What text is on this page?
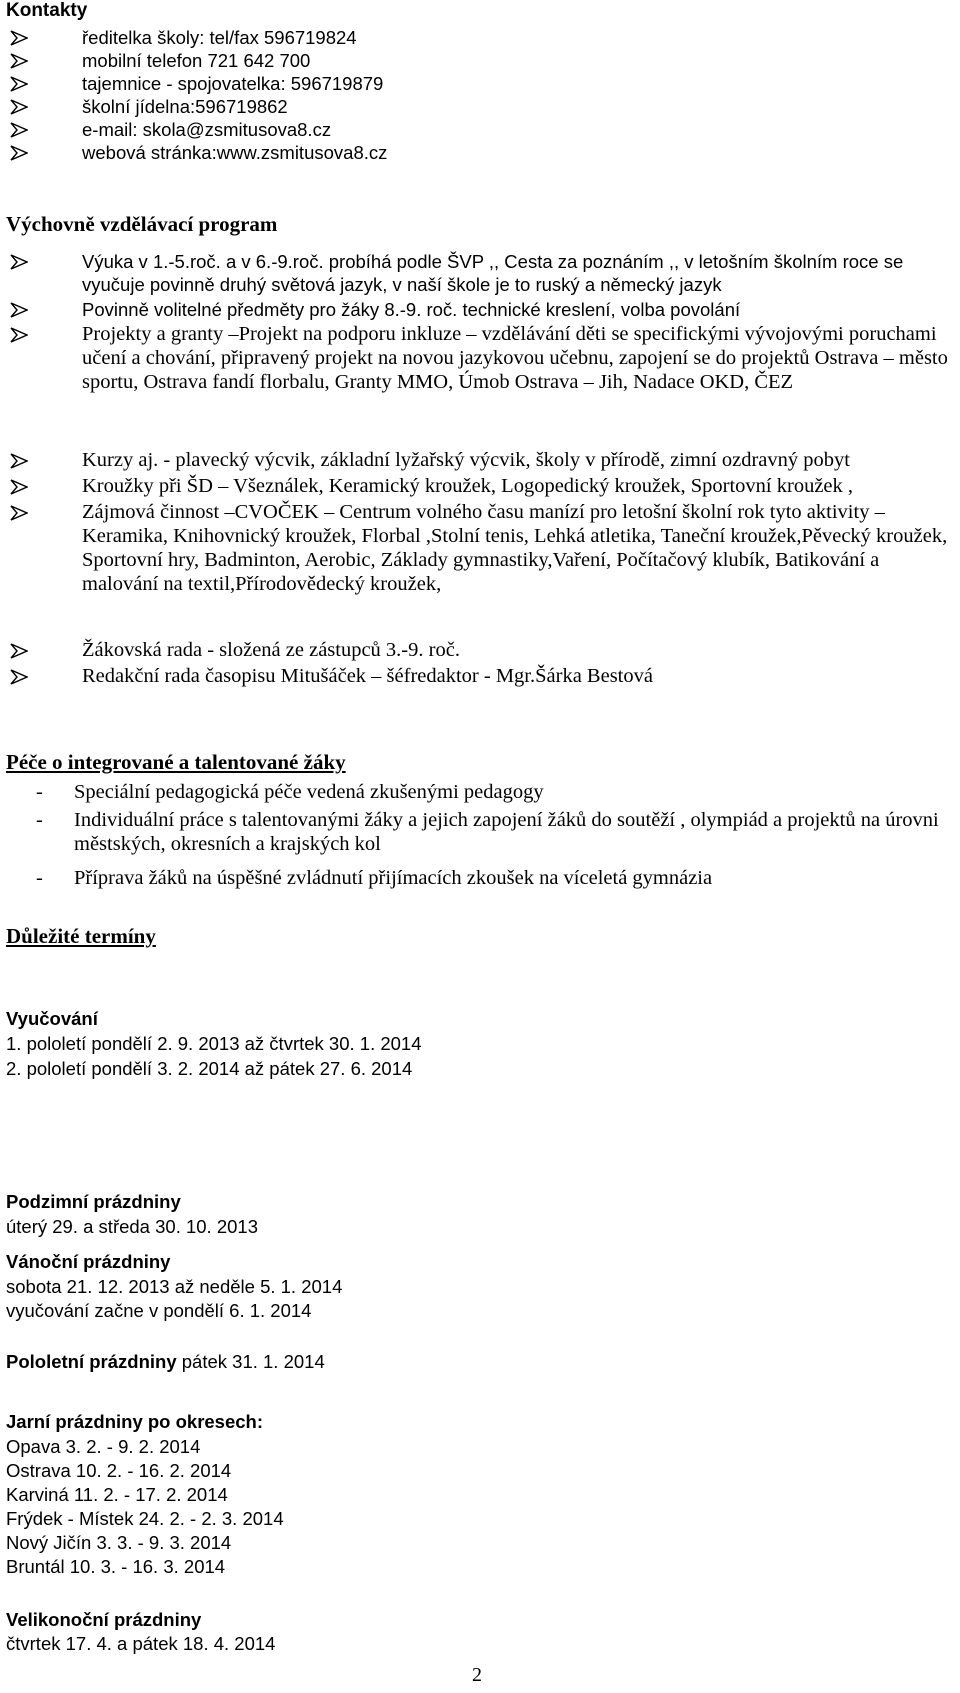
Kontakty
ředitelka školy: tel/fax 596719824
mobilní telefon 721 642 700
tajemnice - spojovatelka: 596719879
školní jídelna:596719862
e-mail: skola@zsmitusova8.cz
webová stránka:www.zsmitusova8.cz
Výchovně vzdělávací program
Výuka v 1.-5.roč. a v 6.-9.roč. probíhá podle ŠVP ,, Cesta za poznáním ,, v letošním školním roce se vyučuje povinně druhý světová jazyk, v naší škole je to ruský a německý jazyk
Povinně volitelné předměty pro žáky 8.-9. roč. technické kreslení, volba povolání
Projekty a granty –Projekt na podporu inkluze – vzdělávání děti se specifickými vývojovými poruchami učení a chování, připravený projekt na novou jazykovou učebnu, zapojení se do projektů Ostrava – město sportu, Ostrava fandí florbalu, Granty MMO, Úmob Ostrava – Jih, Nadace OKD, ČEZ
Kurzy aj. - plavecký výcvik, základní lyžařský výcvik, školy v přírodě, zimní ozdravný pobyt
Kroužky při ŠD – Všeználek, Keramický kroužek, Logopedický kroužek, Sportovní kroužek ,
Zájmová činnost –CVOČEK – Centrum volného času manízí pro letošní školní rok tyto aktivity – Keramika, Knihovnický kroužek, Florbal ,Stolní tenis, Lehká atletika, Taneční kroužek,Pěvecký kroužek, Sportovní hry, Badminton, Aerobic, Základy gymnastiky,Vaření, Počítačový klubík, Batikování a malování na textil,Přírodovědecký kroužek,
Žákovská rada - složená ze zástupců 3.-9. roč.
Redakční rada časopisu Mitušáček – šéfredaktor - Mgr.Šárka Bestová
Péče o integrované a talentované žáky
- Speciální pedagogická péče vedená zkušenými pedagogy
- Individuální práce s talentovanými žáky a jejich zapojení žáků do soutěží , olympiád a projektů na úrovni městských, okresních a krajských kol
- Příprava žáků na úspěšné zvládnutí přijímacích zkoušek na víceletá gymnázia
Důležité termíny
Vyučování
1. pololetí pondělí 2. 9. 2013 až čtvrtek 30. 1. 2014
2. pololetí pondělí 3. 2. 2014 až pátek 27. 6. 2014
Podzimní prázdniny
úterý 29. a středa 30. 10. 2013
Vánoční prázdniny
sobota 21. 12. 2013 až neděle 5. 1. 2014
vyučování začne v pondělí 6. 1. 2014
Pololetní prázdniny pátek 31. 1. 2014
Jarní prázdniny po okresech:
Opava 3. 2. - 9. 2. 2014
Ostrava 10. 2. - 16. 2. 2014
Karviná 11. 2. - 17. 2. 2014
Frýdek - Místek 24. 2. - 2. 3. 2014
Nový Jičín 3. 3. - 9. 3. 2014
Bruntál 10. 3. - 16. 3. 2014
Velikonoční prázdniny
čtvrtek 17. 4. a pátek 18. 4. 2014
2
